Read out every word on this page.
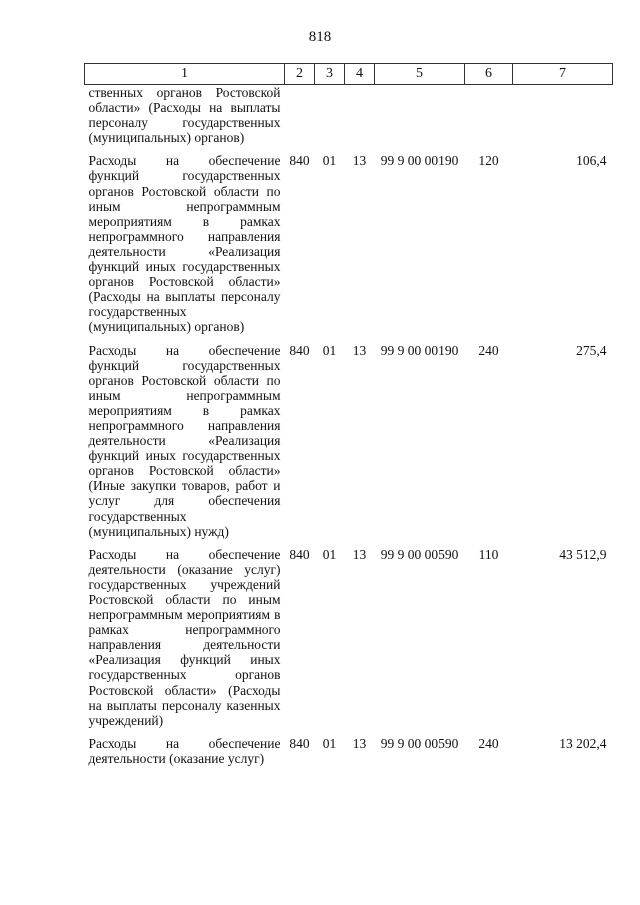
818
1	2	3	4	5	6	7
ственных органов Ростовской области» (Расходы на выплаты персоналу государственных (муниципальных) органов)						
Расходы на обеспечение функций государственных органов Ростовской области по иным непрограммным мероприятиям в рамках непрограммного направления деятельности «Реализация функций иных государственных органов Ростовской области» (Расходы на выплаты персоналу государственных (муниципальных) органов)	840	01	13	99 9 00 00190	120	106,4
Расходы на обеспечение функций государственных органов Ростовской области по иным непрограммным мероприятиям в рамках непрограммного направления деятельности «Реализация функций иных государственных органов Ростовской области» (Иные закупки товаров, работ и услуг для обеспечения государственных (муниципальных) нужд)	840	01	13	99 9 00 00190	240	275,4
Расходы на обеспечение деятельности (оказание услуг) государственных учреждений Ростовской области по иным непрограммным мероприятиям в рамках непрограммного направления деятельности «Реализация функций иных государственных органов Ростовской области» (Расходы на выплаты персоналу казенных учреждений)	840	01	13	99 9 00 00590	110	43 512,9
Расходы на обеспечение деятельности (оказание услуг)	840	01	13	99 9 00 00590	240	13 202,4
